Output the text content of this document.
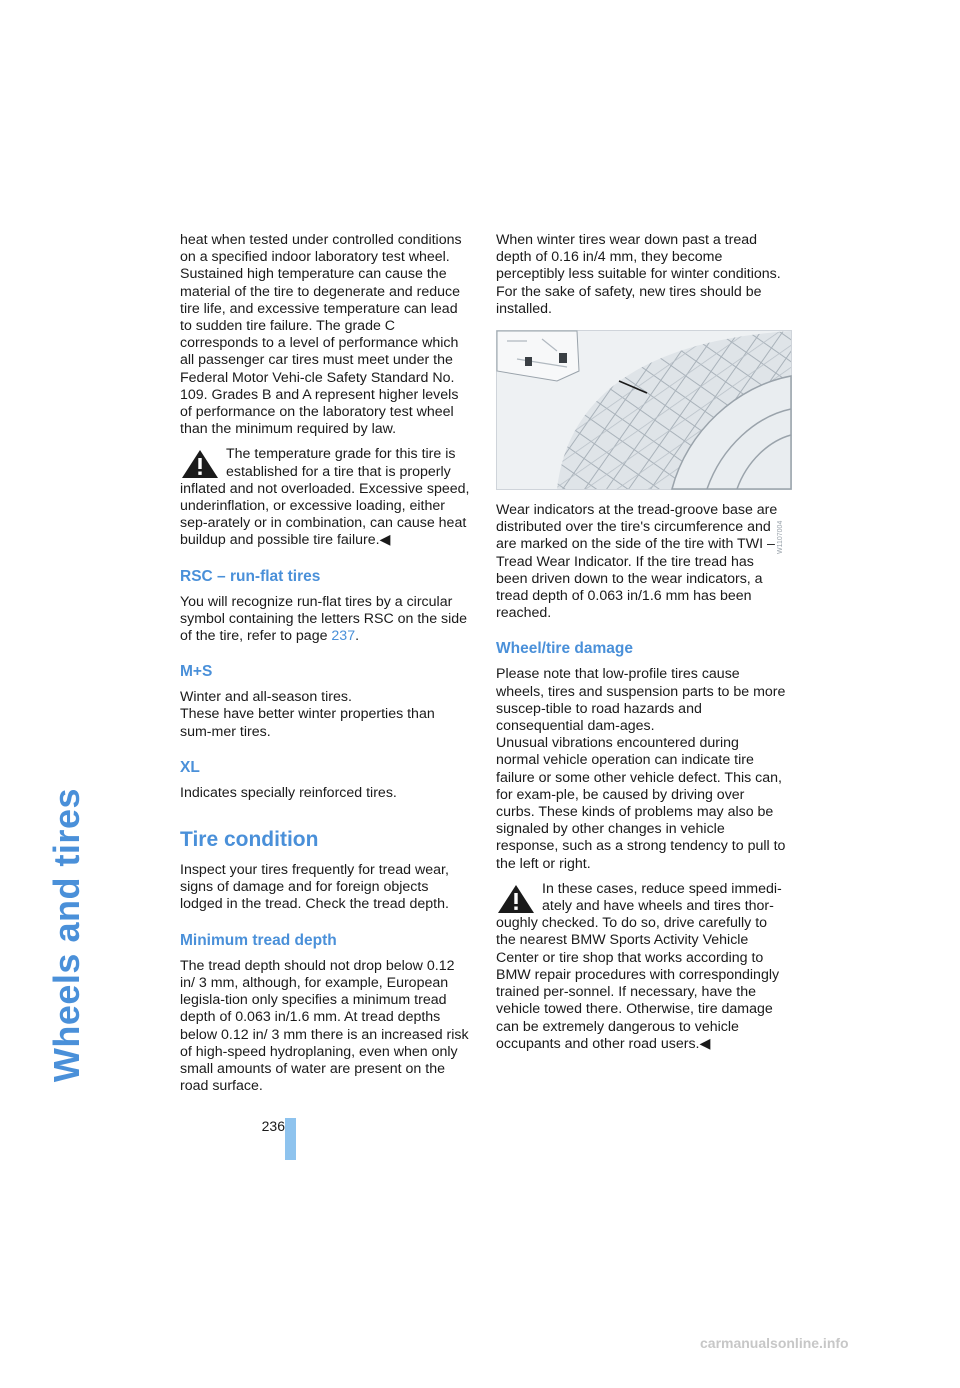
Wheels and tires

heat when tested under controlled conditions on a specified indoor laboratory test wheel. Sustained high temperature can cause the material of the tire to degenerate and reduce tire life, and excessive temperature can lead to sudden tire failure. The grade C corresponds to a level of performance which all passenger car tires must meet under the Federal Motor Vehi-cle Safety Standard No. 109. Grades B and A represent higher levels of performance on the laboratory test wheel than the minimum required by law.

The temperature grade for this tire is established for a tire that is properly inflated and not overloaded. Excessive speed, underinflation, or excessive loading, either sep-arately or in combination, can cause heat buildup and possible tire failure.◀

RSC – run-flat tires

You will recognize run-flat tires by a circular symbol containing the letters RSC on the side of the tire, refer to page 237.

M+S

Winter and all-season tires.

These have better winter properties than sum-mer tires.

XL

Indicates specially reinforced tires.

Tire condition

Inspect your tires frequently for tread wear, signs of damage and for foreign objects lodged in the tread. Check the tread depth.

Minimum tread depth

The tread depth should not drop below 0.12 in/ 3 mm, although, for example, European legisla-tion only specifies a minimum tread depth of 0.063 in/1.6 mm. At tread depths below 0.12 in/ 3 mm there is an increased risk of high-speed hydroplaning, even when only small amounts of water are present on the road surface.

When winter tires wear down past a tread depth of 0.16 in/4 mm, they become perceptibly less suitable for winter conditions. For the sake of safety, new tires should be installed.

W1107004

Wear indicators at the tread-groove base are distributed over the tire's circumference and are marked on the side of the tire with TWI – Tread Wear Indicator. If the tire tread has been driven down to the wear indicators, a tread depth of 0.063 in/1.6 mm has been reached.

Wheel/tire damage

Please note that low-profile tires cause wheels, tires and suspension parts to be more suscep-tible to road hazards and consequential dam-ages.

Unusual vibrations encountered during normal vehicle operation can indicate tire failure or some other vehicle defect. This can, for exam-ple, be caused by driving over curbs. These kinds of problems may also be signaled by other changes in vehicle response, such as a strong tendency to pull to the left or right.

In these cases, reduce speed immedi-ately and have wheels and tires thor-oughly checked. To do so, drive carefully to the nearest BMW Sports Activity Vehicle Center or tire shop that works according to BMW repair procedures with correspondingly trained per-sonnel. If necessary, have the vehicle towed there. Otherwise, tire damage can be extremely dangerous to vehicle occupants and other road users.◀

236
carmanualsonline.info
